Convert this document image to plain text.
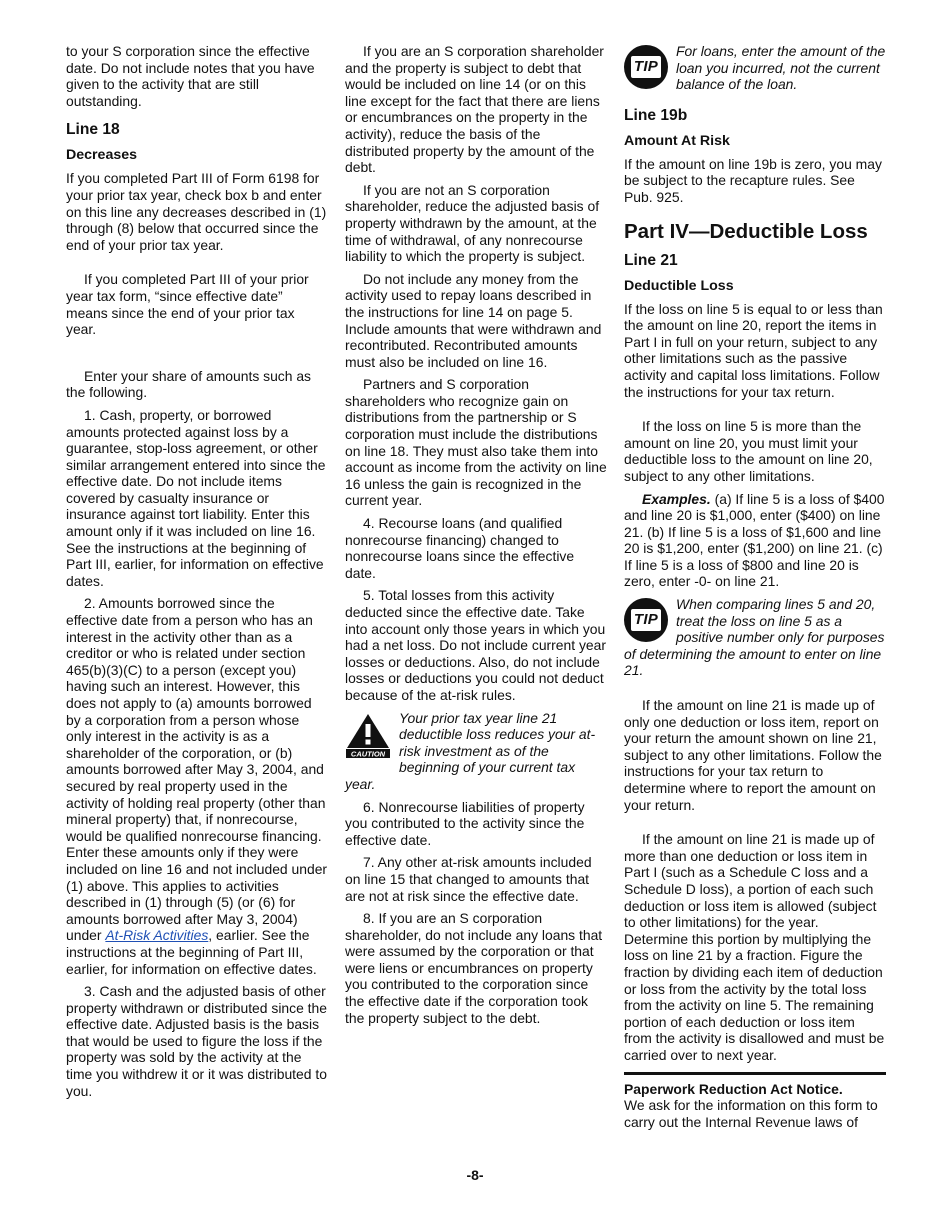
to your S corporation since the effective date. Do not include notes that you have given to the activity that are still outstanding.

Line 18
Decreases

If you completed Part III of Form 6198 for your prior tax year, check box b and enter on this line any decreases described in (1) through (8) below that occurred since the end of your prior tax year.

If you completed Part III of your prior year tax form, “since effective date” means since the end of your prior tax year.

Enter your share of amounts such as the following.

1. Cash, property, or borrowed amounts protected against loss by a guarantee, stop-loss agreement, or other similar arrangement entered into since the effective date. Do not include items covered by casualty insurance or insurance against tort liability. Enter this amount only if it was included on line 16. See the instructions at the beginning of Part III, earlier, for information on effective dates.

2. Amounts borrowed since the effective date from a person who has an interest in the activity other than as a creditor or who is related under section 465(b)(3)(C) to a person (except you) having such an interest. However, this does not apply to (a) amounts borrowed by a corporation from a person whose only interest in the activity is as a shareholder of the corporation, or (b) amounts borrowed after May 3, 2004, and secured by real property used in the activity of holding real property (other than mineral property) that, if nonrecourse, would be qualified nonrecourse financing. Enter these amounts only if they were included on line 16 and not included under (1) above. This applies to activities described in (1) through (5) (or (6) for amounts borrowed after May 3, 2004) under At-Risk Activities, earlier. See the instructions at the beginning of Part III, earlier, for information on effective dates.

3. Cash and the adjusted basis of other property withdrawn or distributed since the effective date. Adjusted basis is the basis that would be used to figure the loss if the property was sold by the activity at the time you withdrew it or it was distributed to you.

If you are an S corporation shareholder and the property is subject to debt that would be included on line 14 (or on this line except for the fact that there are liens or encumbrances on the property in the activity), reduce the basis of the distributed property by the amount of the debt.

If you are not an S corporation shareholder, reduce the adjusted basis of property withdrawn by the amount, at the time of withdrawal, of any nonrecourse liability to which the property is subject.

Do not include any money from the activity used to repay loans described in the instructions for line 14 on page 5. Include amounts that were withdrawn and recontributed. Recontributed amounts must also be included on line 16.

Partners and S corporation shareholders who recognize gain on distributions from the partnership or S corporation must include the distributions on line 18. They must also take them into account as income from the activity on line 16 unless the gain is recognized in the current year.

4. Recourse loans (and qualified nonrecourse financing) changed to nonrecourse loans since the effective date.

5. Total losses from this activity deducted since the effective date. Take into account only those years in which you had a net loss. Do not include current year losses or deductions. Also, do not include losses or deductions you could not deduct because of the at-risk rules.

CAUTION
Your prior tax year line 21 deductible loss reduces your at-risk investment as of the beginning of your current tax year.

6. Nonrecourse liabilities of property you contributed to the activity since the effective date.

7. Any other at-risk amounts included on line 15 that changed to amounts that are not at risk since the effective date.

8. If you are an S corporation shareholder, do not include any loans that were assumed by the corporation or that were liens or encumbrances on property you contributed to the corporation since the effective date if the corporation took the property subject to the debt.

TIP
For loans, enter the amount of the loan you incurred, not the current balance of the loan.
Line 19b
Amount At Risk

If the amount on line 19b is zero, you may be subject to the recapture rules. See Pub. 925.

Part IV—Deductible Loss
Line 21
Deductible Loss

If the loss on line 5 is equal to or less than the amount on line 20, report the items in Part I in full on your return, subject to any other limitations such as the passive activity and capital loss limitations. Follow the instructions for your tax return.

If the loss on line 5 is more than the amount on line 20, you must limit your deductible loss to the amount on line 20, subject to any other limitations.

Examples. (a) If line 5 is a loss of $400 and line 20 is $1,000, enter ($400) on line 21. (b) If line 5 is a loss of $1,600 and line 20 is $1,200, enter ($1,200) on line 21. (c) If line 5 is a loss of $800 and line 20 is zero, enter -0- on line 21.

TIP
When comparing lines 5 and 20, treat the loss on line 5 as a positive number only for purposes of determining the amount to enter on line 21.

If the amount on line 21 is made up of only one deduction or loss item, report on your return the amount shown on line 21, subject to any other limitations. Follow the instructions for your tax return to determine where to report the amount on your return.

If the amount on line 21 is made up of more than one deduction or loss item in Part I (such as a Schedule C loss and a Schedule D loss), a portion of each such deduction or loss item is allowed (subject to other limitations) for the year. Determine this portion by multiplying the loss on line 21 by a fraction. Figure the fraction by dividing each item of deduction or loss from the activity by the total loss from the activity on line 5. The remaining portion of each deduction or loss item from the activity is disallowed and must be carried over to next year.

Paperwork Reduction Act Notice.
We ask for the information on this form to carry out the Internal Revenue laws of
-8-
